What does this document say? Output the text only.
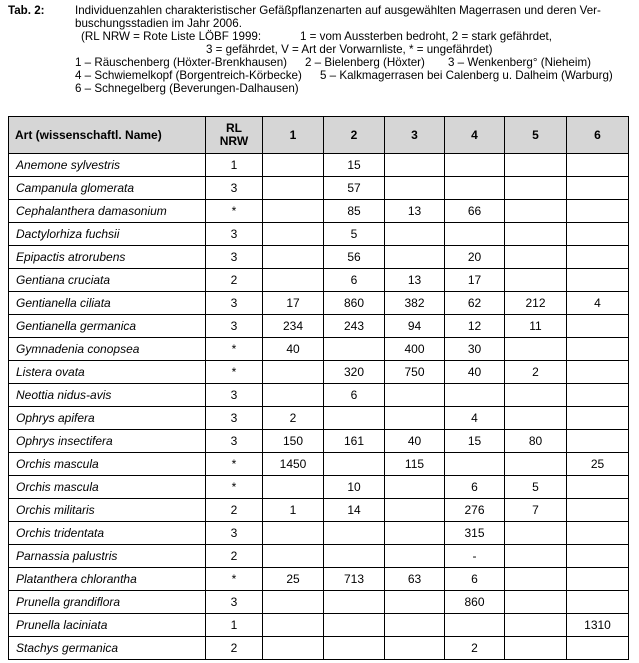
Tab. 2:	Individuenzahlen charakteristischer Gefäßpflanzenarten auf ausgewählten Magerrasen und deren Ver-
buschungsstadien im Jahr 2006.
(RL NRW = Rote Liste LÖBF 1999:	1 = vom Aussterben bedroht, 2 = stark gefährdet,
3 = gefährdet, V = Art der Vorwarnliste, * = ungefährdet)
1 – Räuschenberg (Höxter-Brenkhausen) 2 – Bielenberg (Höxter) 3 – Wenkenberg° (Nieheim)
4 – Schwiemelkopf (Borgentreich-Körbecke) 5 – Kalkmagerrasen bei Calenberg u. Dalheim (Warburg)
6 – Schnegelberg (Beverungen-Dalhausen)
Art (wissenschaftl. Name)	RL
NRW	1	2	3	4	5	6
Anemone sylvestris	1		15				
Campanula glomerata	3		57				
Cephalanthera damasonium	*		85	13	66		
Dactylorhiza fuchsii	3		5				
Epipactis atrorubens	3		56		20		
Gentiana cruciata	2		6	13	17		
Gentianella ciliata	3	17	860	382	62	212	4
Gentianella germanica	3	234	243	94	12	11	
Gymnadenia conopsea	*	40		400	30		
Listera ovata	*		320	750	40	2	
Neottia nidus-avis	3		6				
Ophrys apifera	3	2			4		
Ophrys insectifera	3	150	161	40	15	80	
Orchis mascula	*	1450		115			25
Orchis mascula	*		10		6	5	
Orchis militaris	2	1	14		276	7	
Orchis tridentata	3				315		
Parnassia palustris	2				-		
Platanthera chlorantha	*	25	713	63	6		
Prunella grandiflora	3				860		
Prunella laciniata	1						1310
Stachys germanica	2				2		
